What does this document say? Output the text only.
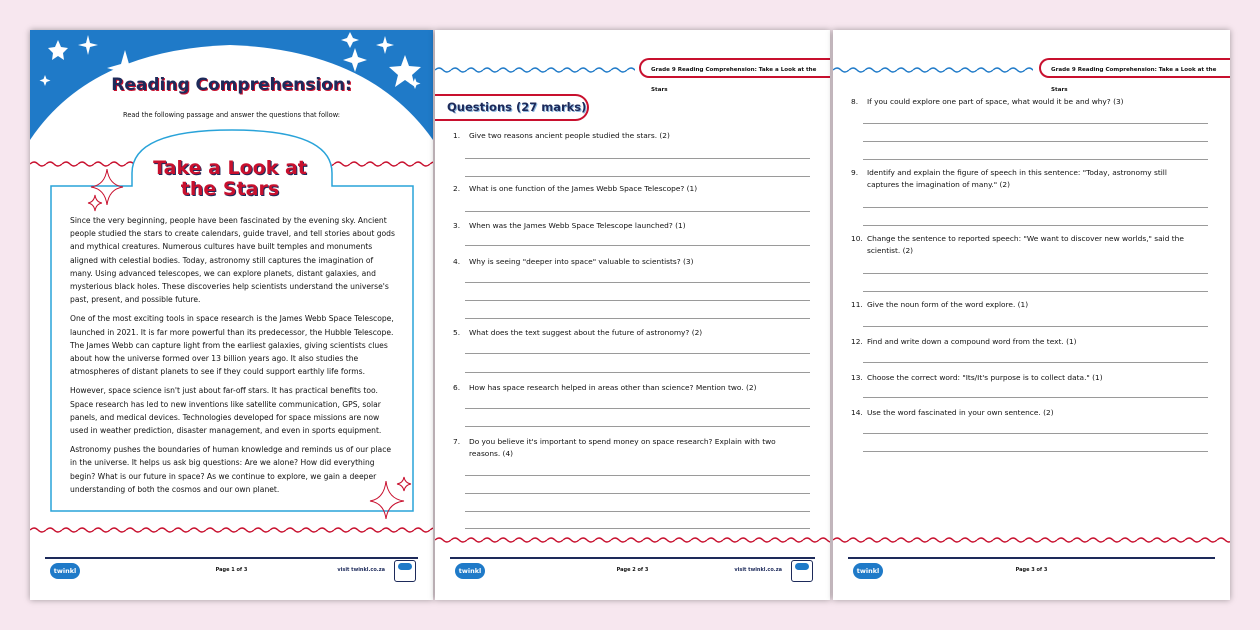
Reading Comprehension:
Read the following passage and answer the questions that follow:
Take a Look at
the Stars

Since the very beginning, people have been fascinated by the evening sky. Ancient people studied the stars to create calendars, guide travel, and tell stories about gods and mythical creatures. Numerous cultures have built temples and monuments aligned with celestial bodies. Today, astronomy still captures the imagination of many. Using advanced telescopes, we can explore planets, distant galaxies, and mysterious black holes. These discoveries help scientists understand the universe's past, present, and possible future.

One of the most exciting tools in space research is the James Webb Space Telescope, launched in 2021. It is far more powerful than its predecessor, the Hubble Telescope. The James Webb can capture light from the earliest galaxies, giving scientists clues about how the universe formed over 13 billion years ago. It also studies the atmospheres of distant planets to see if they could support earthly life forms.

However, space science isn't just about far-off stars. It has practical benefits too. Space research has led to new inventions like satellite communication, GPS, solar panels, and medical devices. Technologies developed for space missions are now used in weather prediction, disaster management, and even in sports equipment.

Astronomy pushes the boundaries of human knowledge and reminds us of our place in the universe. It helps us ask big questions: Are we alone? How did everything begin? What is our future in space? As we continue to explore, we gain a deeper understanding of both the cosmos and our own planet.

twinkl	Page 1 of 3	visit twinkl.co.za
Grade 9 Reading Comprehension: Take a Look at the Stars
Questions (27 marks)
1.	Give two reasons ancient people studied the stars. (2)
2.	What is one function of the James Webb Space Telescope? (1)
3.	When was the James Webb Space Telescope launched? (1)
4.	Why is seeing "deeper into space" valuable to scientists? (3)
5.	What does the text suggest about the future of astronomy? (2)
6.	How has space research helped in areas other than science? Mention two. (2)
7.	Do you believe it's important to spend money on space research? Explain with two reasons. (4)
twinkl	Page 2 of 3	visit twinkl.co.za
Grade 9 Reading Comprehension: Take a Look at the Stars
8.	If you could explore one part of space, what would it be and why? (3)
9.	Identify and explain the figure of speech in this sentence: "Today, astronomy still captures the imagination of many." (2)
10. Change the sentence to reported speech: "We want to discover new worlds," said the scientist. (2)
11. Give the noun form of the word explore. (1)
12. Find and write down a compound word from the text. (1)
13. Choose the correct word: "Its/It's purpose is to collect data." (1)
14. Use the word fascinated in your own sentence. (2)
twinkl	Page 3 of 3
